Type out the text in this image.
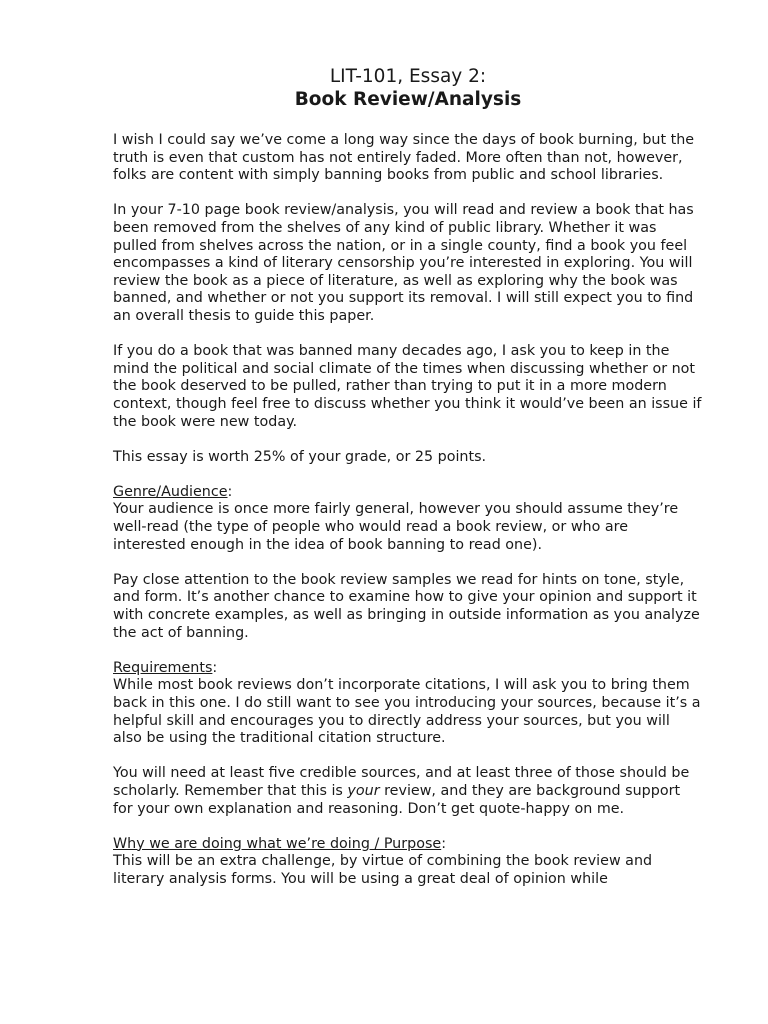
LIT-101, Essay 2:
Book Review/Analysis

I wish I could say we’ve come a long way since the days of book burning, but the truth is even that custom has not entirely faded. More often than not, however, folks are content with simply banning books from public and school libraries.

In your 7-10 page book review/analysis, you will read and review a book that has been removed from the shelves of any kind of public library. Whether it was pulled from shelves across the nation, or in a single county, find a book you feel encompasses a kind of literary censorship you’re interested in exploring. You will review the book as a piece of literature, as well as exploring why the book was banned, and whether or not you support its removal. I will still expect you to find an overall thesis to guide this paper.

If you do a book that was banned many decades ago, I ask you to keep in the mind the political and social climate of the times when discussing whether or not the book deserved to be pulled, rather than trying to put it in a more modern context, though feel free to discuss whether you think it would’ve been an issue if the book were new today.

This essay is worth 25% of your grade, or 25 points.

Genre/Audience:

Your audience is once more fairly general, however you should assume they’re well-read (the type of people who would read a book review, or who are interested enough in the idea of book banning to read one).

Pay close attention to the book review samples we read for hints on tone, style, and form. It’s another chance to examine how to give your opinion and support it with concrete examples, as well as bringing in outside information as you analyze the act of banning.

Requirements:

While most book reviews don’t incorporate citations, I will ask you to bring them back in this one. I do still want to see you introducing your sources, because it’s a helpful skill and encourages you to directly address your sources, but you will also be using the traditional citation structure.

You will need at least five credible sources, and at least three of those should be scholarly. Remember that this is your review, and they are background support for your own explanation and reasoning. Don’t get quote-happy on me.

Why we are doing what we’re doing / Purpose:

This will be an extra challenge, by virtue of combining the book review and literary analysis forms. You will be using a great deal of opinion while
